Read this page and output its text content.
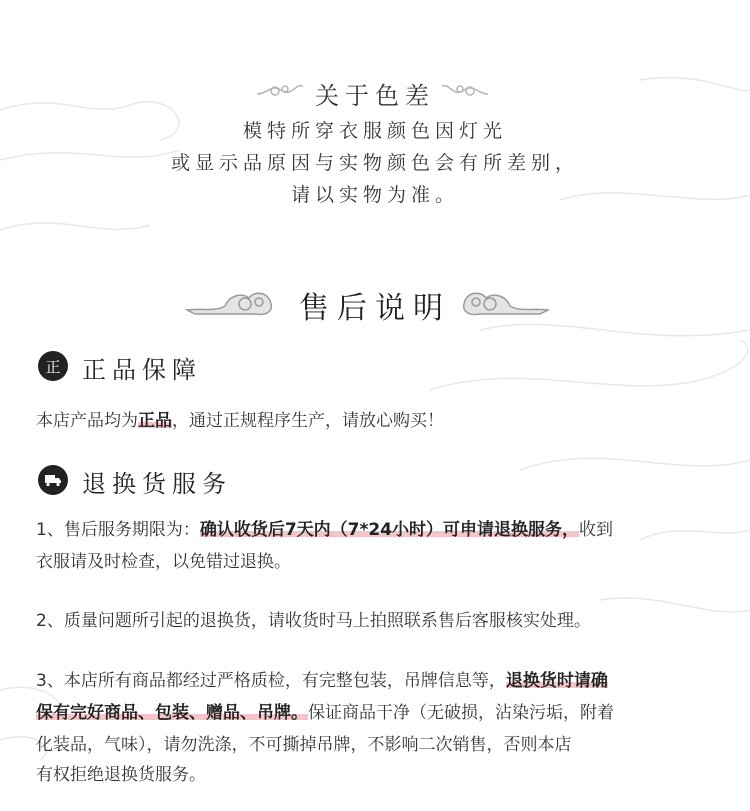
关于色差
模特所穿衣服颜色因灯光
或显示品原因与实物颜色会有所差别，
请以实物为准。
售后说明
正 正品保障
本店产品均为正品，通过正规程序生产，请放心购买！
退换货服务
1、售后服务期限为：确认收货后7天内（7*24小时）可申请退换服务，收到
衣服请及时检查，以免错过退换。
2、质量问题所引起的退换货，请收货时马上拍照联系售后客服核实处理。
3、本店所有商品都经过严格质检，有完整包装，吊牌信息等，退换货时请确
保有完好商品、包装、赠品、吊牌。保证商品干净（无破损，沾染污垢，附着
化装品，气味），请勿洗涤，不可撕掉吊牌，不影响二次销售，否则本店
有权拒绝退换货服务。
